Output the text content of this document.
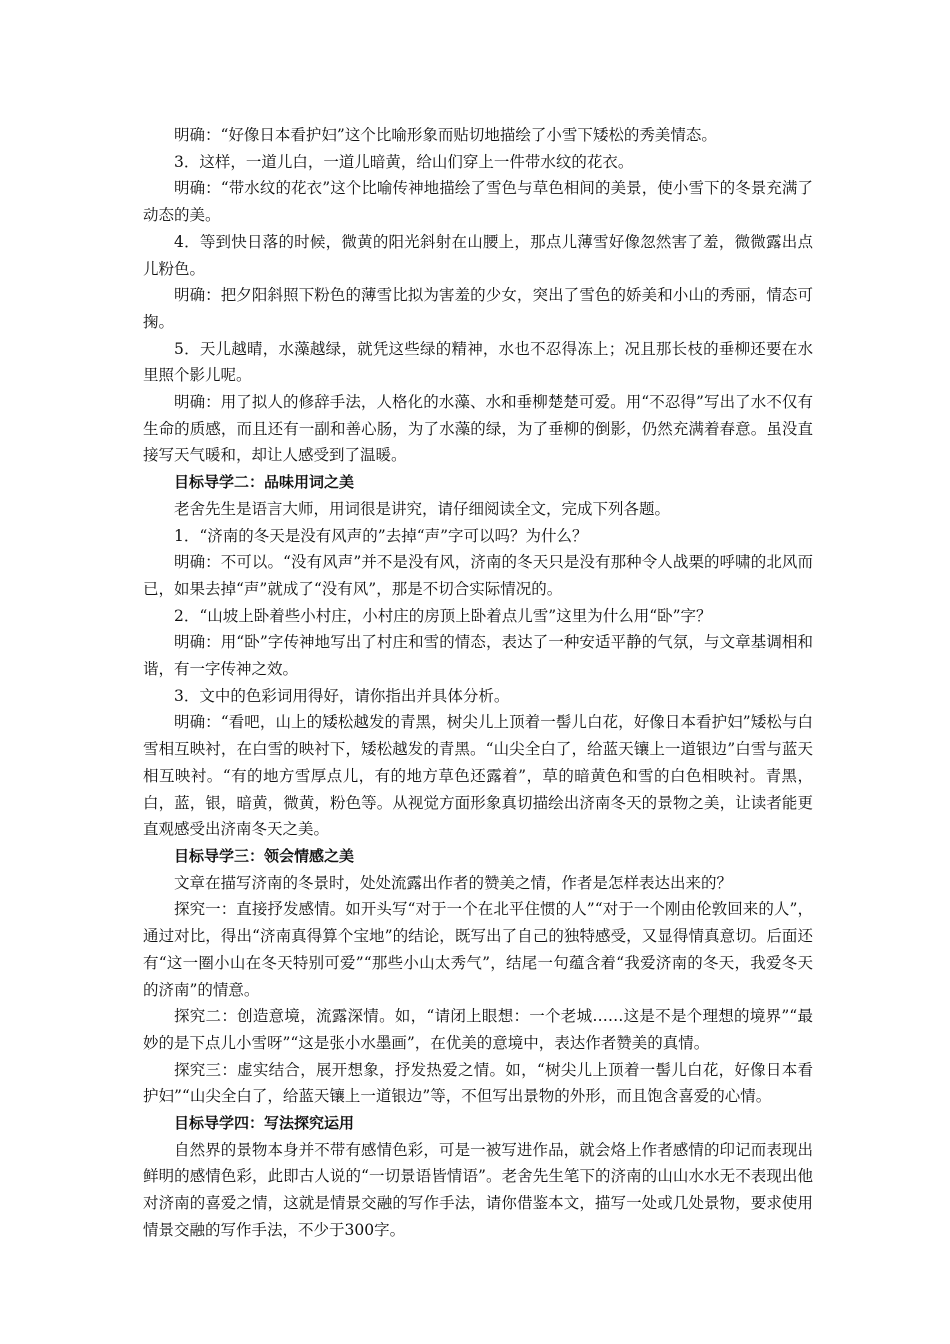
明确：“好像日本看护妇”这个比喻形象而贴切地描绘了小雪下矮松的秀美情态。

3．这样，一道儿白，一道儿暗黄，给山们穿上一件带水纹的花衣。

明确：“带水纹的花衣”这个比喻传神地描绘了雪色与草色相间的美景，使小雪下的冬景充满了动态的美。

4．等到快日落的时候，微黄的阳光斜射在山腰上，那点儿薄雪好像忽然害了羞，微微露出点儿粉色。

明确：把夕阳斜照下粉色的薄雪比拟为害羞的少女，突出了雪色的娇美和小山的秀丽，情态可掬。

5．天儿越晴，水藻越绿，就凭这些绿的精神，水也不忍得冻上；况且那长枝的垂柳还要在水里照个影儿呢。

明确：用了拟人的修辞手法，人格化的水藻、水和垂柳楚楚可爱。用“不忍得”写出了水不仅有生命的质感，而且还有一副和善心肠，为了水藻的绿，为了垂柳的倒影，仍然充满着春意。虽没直接写天气暖和，却让人感受到了温暖。

目标导学二：品味用词之美

老舍先生是语言大师，用词很是讲究，请仔细阅读全文，完成下列各题。

1．“济南的冬天是没有风声的”去掉“声”字可以吗？为什么？

明确：不可以。“没有风声”并不是没有风，济南的冬天只是没有那种令人战栗的呼啸的北风而已，如果去掉“声”就成了“没有风”，那是不切合实际情况的。

2．“山坡上卧着些小村庄，小村庄的房顶上卧着点儿雪”这里为什么用“卧”字？

明确：用“卧”字传神地写出了村庄和雪的情态，表达了一种安适平静的气氛，与文章基调相和谐，有一字传神之效。

3．文中的色彩词用得好，请你指出并具体分析。

明确：“看吧，山上的矮松越发的青黑，树尖儿上顶着一髻儿白花，好像日本看护妇”矮松与白雪相互映衬，在白雪的映衬下，矮松越发的青黑。“山尖全白了，给蓝天镶上一道银边”白雪与蓝天相互映衬。“有的地方雪厚点儿，有的地方草色还露着”，草的暗黄色和雪的白色相映衬。青黑，白，蓝，银，暗黄，微黄，粉色等。从视觉方面形象真切描绘出济南冬天的景物之美，让读者能更直观感受出济南冬天之美。

目标导学三：领会情感之美

文章在描写济南的冬景时，处处流露出作者的赞美之情，作者是怎样表达出来的？

探究一：直接抒发感情。如开头写“对于一个在北平住惯的人”“对于一个刚由伦敦回来的人”，通过对比，得出“济南真得算个宝地”的结论，既写出了自己的独特感受，又显得情真意切。后面还有“这一圈小山在冬天特别可爱”“那些小山太秀气”，结尾一句蕴含着“我爱济南的冬天，我爱冬天的济南”的情意。

探究二：创造意境，流露深情。如，“请闭上眼想：一个老城……这是不是个理想的境界”“最妙的是下点儿小雪呀”“这是张小水墨画”，在优美的意境中，表达作者赞美的真情。

探究三：虚实结合，展开想象，抒发热爱之情。如，“树尖儿上顶着一髻儿白花，好像日本看护妇”“山尖全白了，给蓝天镶上一道银边”等，不但写出景物的外形，而且饱含喜爱的心情。

目标导学四：写法探究运用

自然界的景物本身并不带有感情色彩，可是一被写进作品，就会烙上作者感情的印记而表现出鲜明的感情色彩，此即古人说的“一切景语皆情语”。老舍先生笔下的济南的山山水水无不表现出他对济南的喜爱之情，这就是情景交融的写作手法，请你借鉴本文，描写一处或几处景物，要求使用情景交融的写作手法，不少于300字。
